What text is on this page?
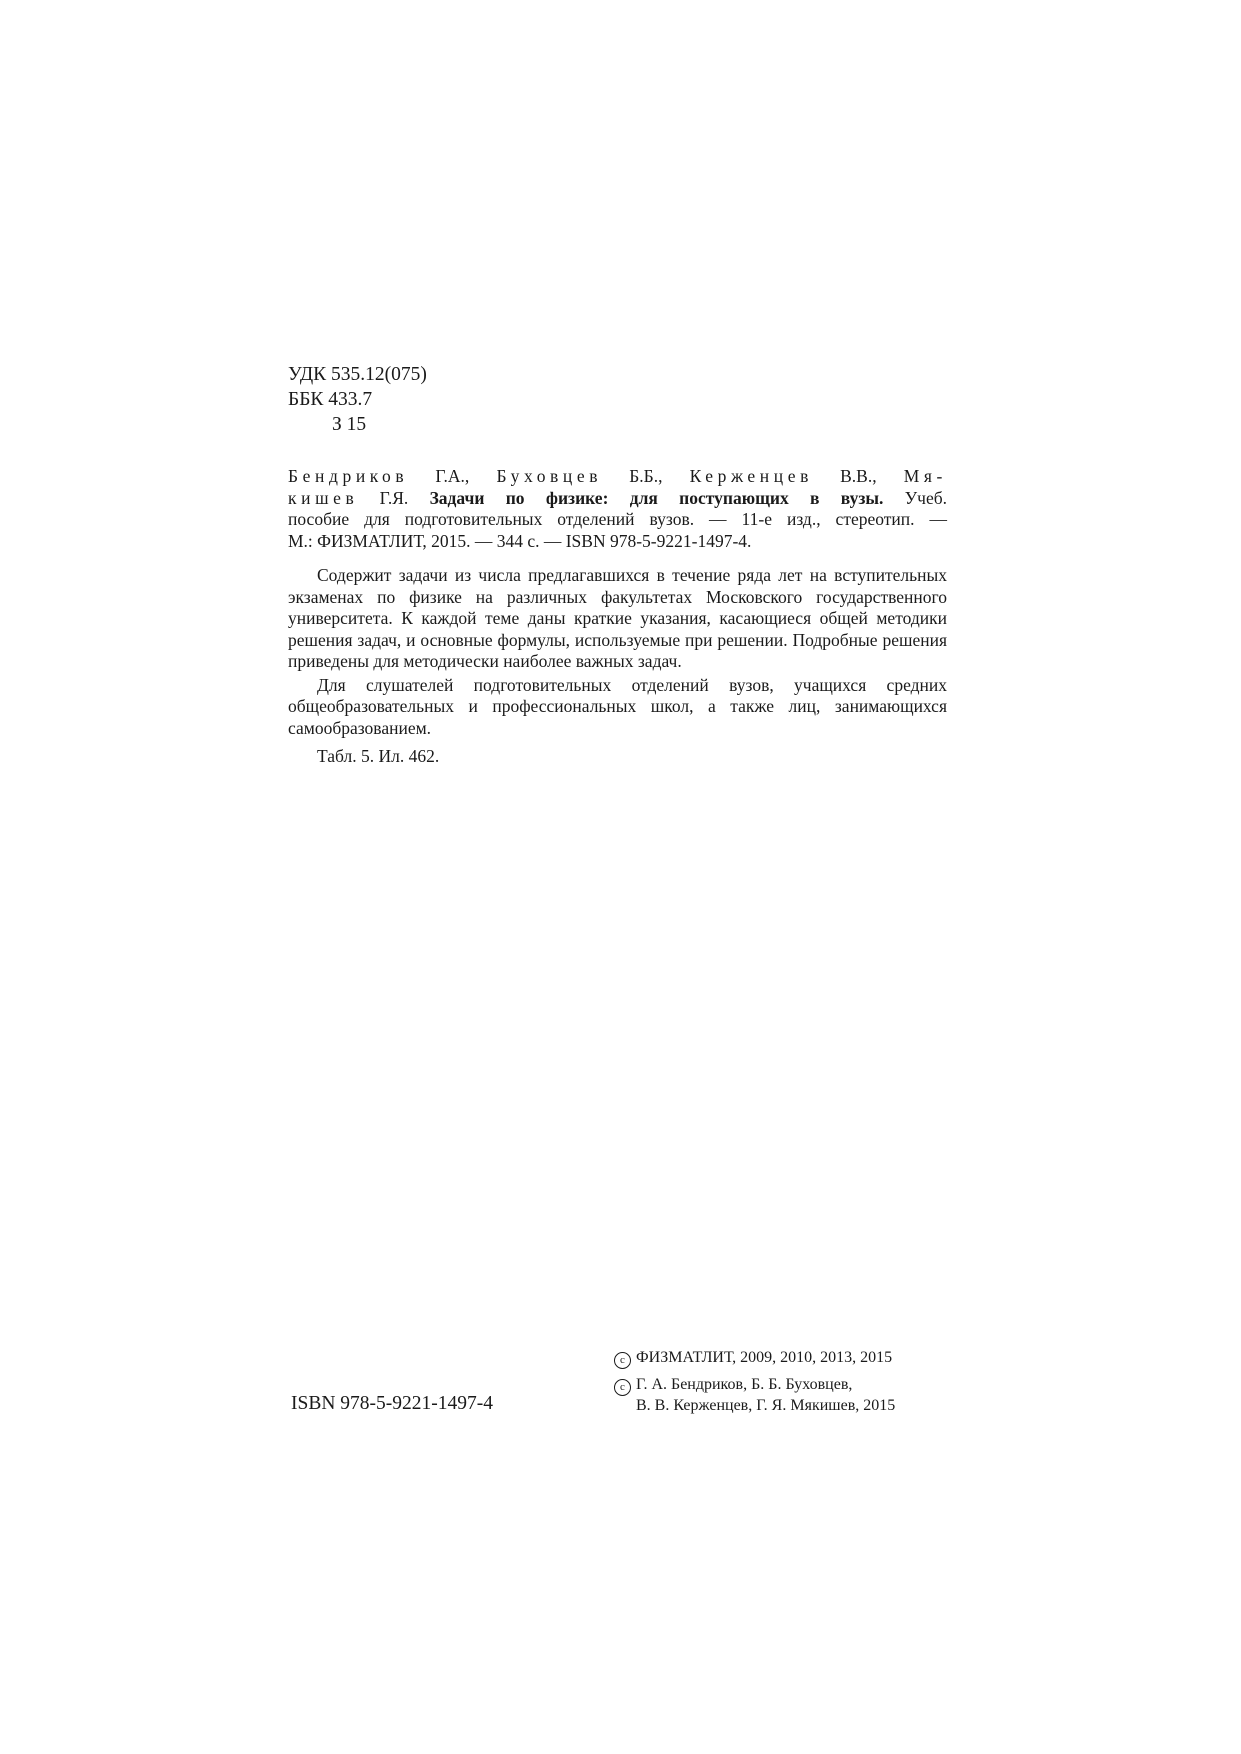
УДК 535.12(075)
ББК 433.7
З 15

Бендриков Г.А., Буховцев Б.Б., Керженцев В.В., Мя-

кишев Г.Я. Задачи по физике: для поступающих в вузы. Учеб.

пособие для подготовительных отделений вузов. — 11-е изд., стереотип. —

М.: ФИЗМАТЛИТ, 2015. — 344 с. — ISBN 978-5-9221-1497-4.

Содержит задачи из числа предлагавшихся в течение ряда лет на вступительных экзаменах по физике на различных факультетах Московского государственного университета. К каждой теме даны краткие указания, касающиеся общей методики решения задач, и основные формулы, используемые при решении. Подробные решения приведены для методически наиболее важных задач.

Для слушателей подготовительных отделений вузов, учащихся средних общеобразовательных и профессиональных школ, а также лиц, занимающихся самообразованием.

Табл. 5. Ил. 462.

ISBN 978-5-9221-1497-4
c ФИЗМАТЛИТ, 2009, 2010, 2013, 2015
c Г. А. Бендриков, Б. Б. Буховцев,
В. В. Керженцев, Г. Я. Мякишев, 2015
